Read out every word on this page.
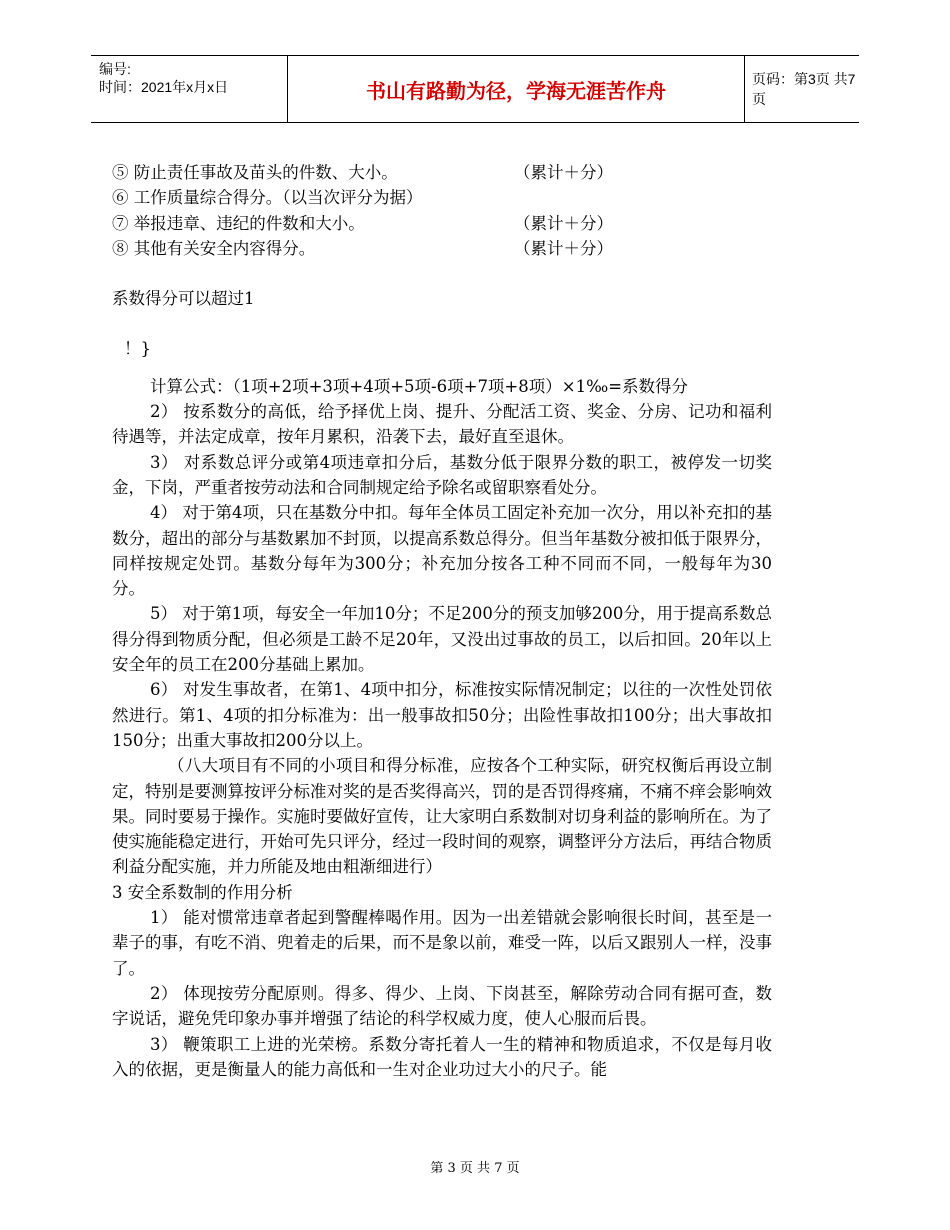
编号:
时间：2021年x月x日	书山有路勤为径，学海无涯苦作舟	页码：第3页 共7页
⑤ 防止责任事故及苗头的件数、大小。	（累计＋分）
⑥ 工作质量综合得分。（以当次评分为据）
⑦ 举报违章、违纪的件数和大小。	（累计＋分）
⑧ 其他有关安全内容得分。	（累计＋分）
系数得分可以超过1
！}
计算公式：（1项+2项+3项+4项+5项-6项+7项+8项）×1‰=系数得分
2） 按系数分的高低，给予择优上岗、提升、分配活工资、奖金、分房、记功和福利待遇等，并法定成章，按年月累积，沿袭下去，最好直至退休。
3） 对系数总评分或第4项违章扣分后，基数分低于限界分数的职工，被停发一切奖金，下岗，严重者按劳动法和合同制规定给予除名或留职察看处分。
4） 对于第4项，只在基数分中扣。每年全体员工固定补充加一次分，用以补充扣的基数分，超出的部分与基数累加不封顶，以提高系数总得分。但当年基数分被扣低于限界分，同样按规定处罚。基数分每年为300分；补充加分按各工种不同而不同，一般每年为30分。
5） 对于第1项，每安全一年加10分；不足200分的预支加够200分，用于提高系数总得分得到物质分配，但必须是工龄不足20年，又没出过事故的员工，以后扣回。20年以上安全年的员工在200分基础上累加。
6） 对发生事故者，在第1、4项中扣分，标准按实际情况制定；以往的一次性处罚依然进行。第1、4项的扣分标准为：出一般事故扣50分；出险性事故扣100分；出大事故扣150分；出重大事故扣200分以上。
（八大项目有不同的小项目和得分标准，应按各个工种实际，研究权衡后再设立制定，特别是要测算按评分标准对奖的是否奖得高兴，罚的是否罚得疼痛，不痛不痒会影响效果。同时要易于操作。实施时要做好宣传，让大家明白系数制对切身利益的影响所在。为了使实施能稳定进行，开始可先只评分，经过一段时间的观察，调整评分方法后，再结合物质利益分配实施，并力所能及地由粗渐细进行）
3 安全系数制的作用分析
1） 能对惯常违章者起到警醒棒喝作用。因为一出差错就会影响很长时间，甚至是一辈子的事，有吃不消、兜着走的后果，而不是象以前，难受一阵，以后又跟别人一样，没事了。
2） 体现按劳分配原则。得多、得少、上岗、下岗甚至，解除劳动合同有据可查，数字说话，避免凭印象办事并增强了结论的科学权威力度，使人心服而后畏。
3） 鞭策职工上进的光荣榜。系数分寄托着人一生的精神和物质追求，不仅是每月收入的依据，更是衡量人的能力高低和一生对企业功过大小的尺子。能
第 3 页 共 7 页
